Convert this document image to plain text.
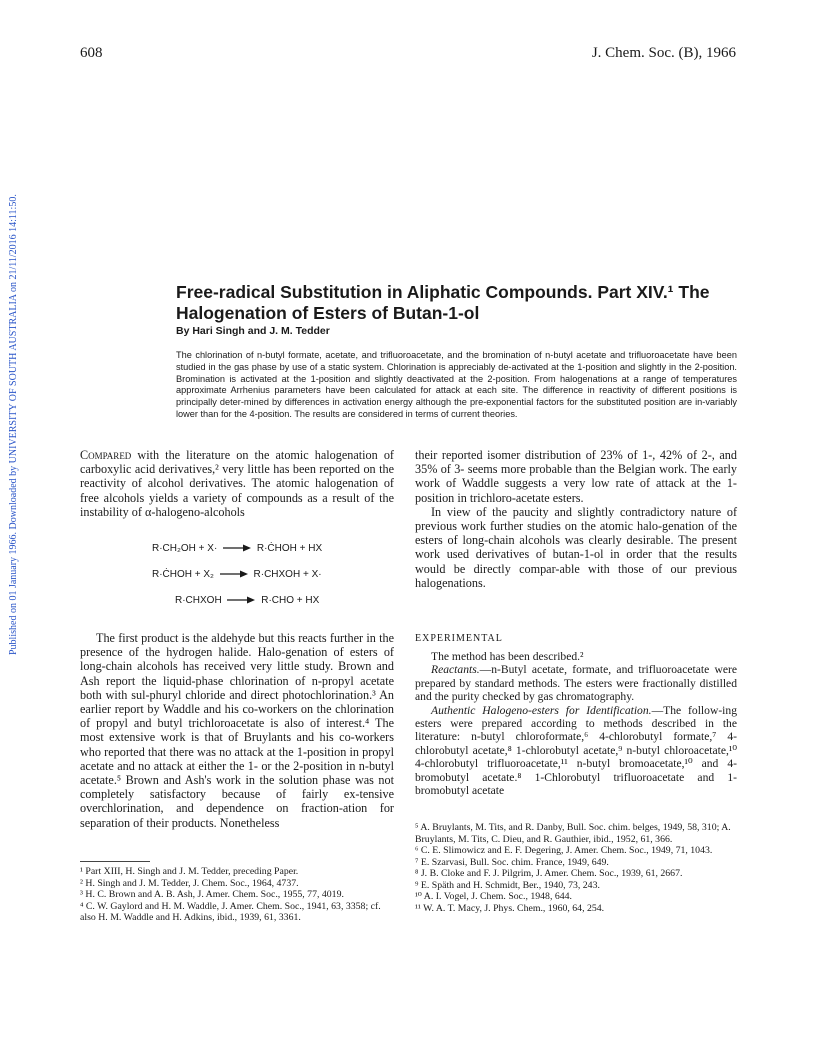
608	J. Chem. Soc. (B), 1966
Published on 01 January 1966. Downloaded by UNIVERSITY OF SOUTH AUSTRALIA on 21/11/2016 14:11:50.	Free-radical Substitution in Aliphatic Compounds. Part XIV.¹ The Halogenation of Esters of Butan-1-ol
By Hari Singh and J. M. Tedder
The chlorination of n-butyl formate, acetate, and trifluoroacetate, and the bromination of n-butyl acetate and trifluoroacetate have been studied in the gas phase by use of a static system. Chlorination is appreciably de-activated at the 1-position and slightly in the 2-position. Bromination is activated at the 1-position and slightly deactivated at the 2-position. From halogenations at a range of temperatures approximate Arrhenius parameters have been calculated for attack at each site. The difference in reactivity of different positions is principally deter-mined by differences in activation energy although the pre-exponential factors for the substituted position are in-variably lower than for the 4-position. The results are considered in terms of current theories.

Compared with the literature on the atomic halogenation of carboxylic acid derivatives,² very little has been reported on the reactivity of alcohol derivatives. The atomic halogenation of free alcohols yields a variety of compounds as a result of the instability of α-halogeno-alcohols

R·CH₂OH + X· → R·ĊHOH + HX
R·ĊHOH + X₂ → R·CHXOH + X·
R·CHXOH → R·CHO + HX

The first product is the aldehyde but this reacts further in the presence of the hydrogen halide. Halo-genation of esters of long-chain alcohols has received very little study. Brown and Ash report the liquid-phase chlorination of n-propyl acetate both with sul-phuryl chloride and direct photochlorination.³ An earlier report by Waddle and his co-workers on the chlorination of propyl and butyl trichloroacetate is also of interest.⁴ The most extensive work is that of Bruylants and his co-workers who reported that there was no attack at the 1-position in propyl acetate and no attack at either the 1- or the 2-position in n-butyl acetate.⁵ Brown and Ash's work in the solution phase was not completely satisfactory because of fairly ex-tensive overchlorination, and dependence on fraction-ation for separation of their products. Nonetheless

their reported isomer distribution of 23% of 1-, 42% of 2-, and 35% of 3- seems more probable than the Belgian work. The early work of Waddle suggests a very low rate of attack at the 1-position in trichloro-acetate esters.

In view of the paucity and slightly contradictory nature of previous work further studies on the atomic halo-genation of the esters of long-chain alcohols was clearly desirable. The present work used derivatives of butan-1-ol in order that the results would be directly compar-able with those of our previous halogenations.

EXPERIMENTAL

The method has been described.²

Reactants.—n-Butyl acetate, formate, and trifluoroacetate were prepared by standard methods. The esters were fractionally distilled and the purity checked by gas chromatography.

Authentic Halogeno-esters for Identification.—The follow-ing esters were prepared according to methods described in the literature: n-butyl chloroformate,⁶ 4-chlorobutyl formate,⁷ 4-chlorobutyl acetate,⁸ 1-chlorobutyl acetate,⁹ n-butyl chloroacetate,¹⁰ 4-chlorobutyl trifluoroacetate,¹¹ n-butyl bromoacetate,¹⁰ and 4-bromobutyl acetate.⁸ 1-Chlorobutyl trifluoroacetate and 1-bromobutyl acetate

¹ Part XIII, H. Singh and J. M. Tedder, preceding Paper.

² H. Singh and J. M. Tedder, J. Chem. Soc., 1964, 4737.

³ H. C. Brown and A. B. Ash, J. Amer. Chem. Soc., 1955, 77, 4019.

⁴ C. W. Gaylord and H. M. Waddle, J. Amer. Chem. Soc., 1941, 63, 3358; cf. also H. M. Waddle and H. Adkins, ibid., 1939, 61, 3361.

⁵ A. Bruylants, M. Tits, and R. Danby, Bull. Soc. chim. belges, 1949, 58, 310; A. Bruylants, M. Tits, C. Dieu, and R. Gauthier, ibid., 1952, 61, 366.

⁶ C. E. Slimowicz and E. F. Degering, J. Amer. Chem. Soc., 1949, 71, 1043.

⁷ E. Szarvasi, Bull. Soc. chim. France, 1949, 649.

⁸ J. B. Cloke and F. J. Pilgrim, J. Amer. Chem. Soc., 1939, 61, 2667.

⁹ E. Späth and H. Schmidt, Ber., 1940, 73, 243.

¹⁰ A. I. Vogel, J. Chem. Soc., 1948, 644.

¹¹ W. A. T. Macy, J. Phys. Chem., 1960, 64, 254.
